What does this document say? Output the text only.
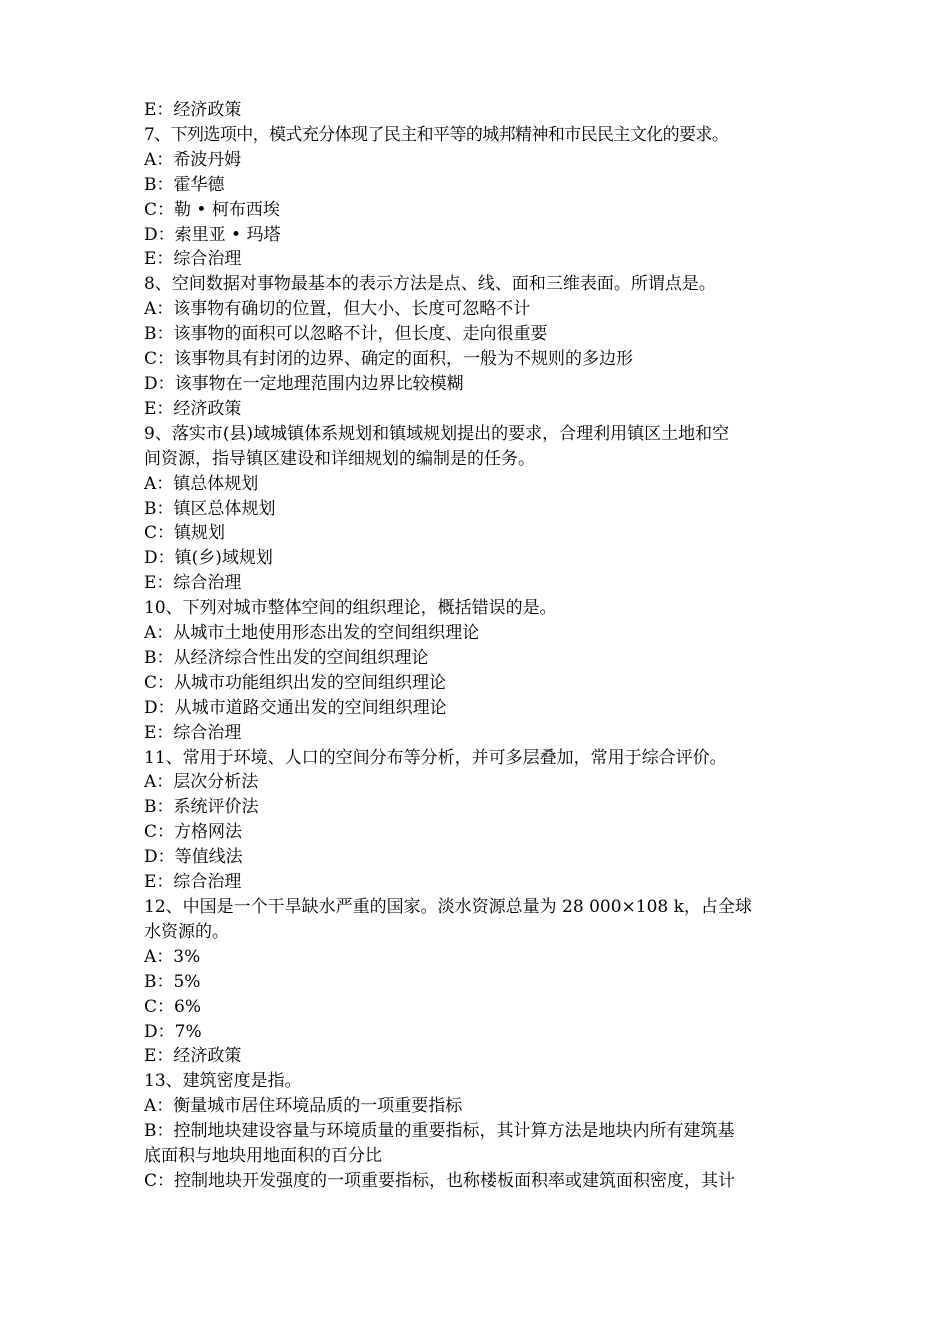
E：经济政策
7、下列选项中，模式充分体现了民主和平等的城邦精神和市民民主文化的要求。
A：希波丹姆
B：霍华德
C：勒 • 柯布西埃
D：索里亚 • 玛塔
E：综合治理
8、空间数据对事物最基本的表示方法是点、线、面和三维表面。所谓点是。
A：该事物有确切的位置，但大小、长度可忽略不计
B：该事物的面积可以忽略不计，但长度、走向很重要
C：该事物具有封闭的边界、确定的面积，一般为不规则的多边形
D：该事物在一定地理范围内边界比较模糊
E：经济政策
9、落实市(县)域城镇体系规划和镇域规划提出的要求，合理利用镇区土地和空
间资源，指导镇区建设和详细规划的编制是的任务。
A：镇总体规划
B：镇区总体规划
C：镇规划
D：镇(乡)域规划
E：综合治理
10、下列对城市整体空间的组织理论，概括错误的是。
A：从城市土地使用形态出发的空间组织理论
B：从经济综合性出发的空间组织理论
C：从城市功能组织出发的空间组织理论
D：从城市道路交通出发的空间组织理论
E：综合治理
11、常用于环境、人口的空间分布等分析，并可多层叠加，常用于综合评价。
A：层次分析法
B：系统评价法
C：方格网法
D：等值线法
E：综合治理
12、中国是一个干旱缺水严重的国家。淡水资源总量为 28 000×108 k，占全球
水资源的。
A：3%
B：5%
C：6%
D：7%
E：经济政策
13、建筑密度是指。
A：衡量城市居住环境品质的一项重要指标
B：控制地块建设容量与环境质量的重要指标，其计算方法是地块内所有建筑基
底面积与地块用地面积的百分比
C：控制地块开发强度的一项重要指标，也称楼板面积率或建筑面积密度，其计
